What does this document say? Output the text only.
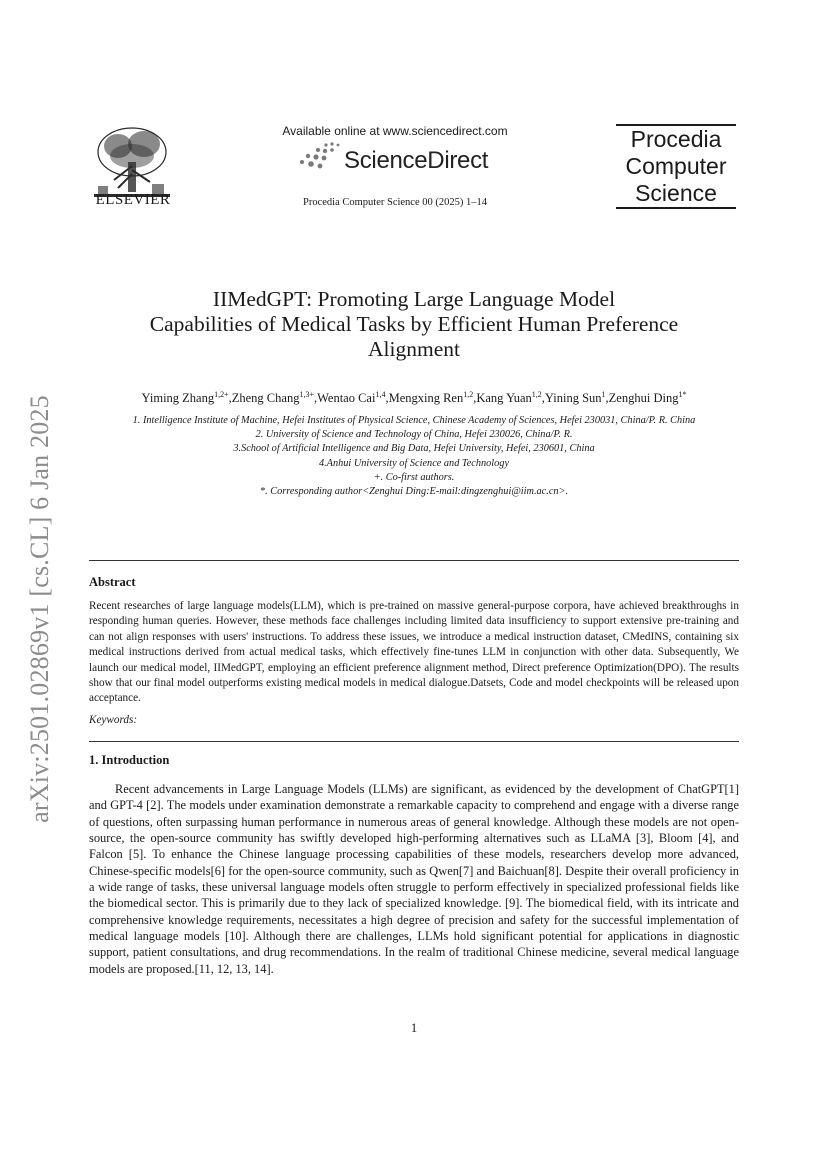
arXiv:2501.02869v1 [cs.CL] 6 Jan 2025
ELSEVIER
Available online at www.sciencedirect.com
ScienceDirect
Procedia Computer Science 00 (2025) 1–14
Procedia
Computer
Science
IIMedGPT: Promoting Large Language Model
Capabilities of Medical Tasks by Efficient Human Preference
Alignment
Yiming Zhang$^{1,2+}$,Zheng Chang$^{1,3+}$,Wentao Cai$^{1,4}$,Mengxing Ren$^{1,2}$,Kang Yuan$^{1,2}$,Yining Sun$^1$,Zenghui Ding$^{1*}$
1. Intelligence Institute of Machine, Hefei Institutes of Physical Science, Chinese Academy of Sciences, Hefei 230031, China/P. R. China
2. University of Science and Technology of China, Hefei 230026, China/P. R.
3.School of Artificial Intelligence and Big Data, Hefei University, Hefei, 230601, China
4.Anhui University of Science and Technology
+. Co-first authors.
*. Corresponding author<Zenghui Ding:E-mail:dingzenghui@iim.ac.cn>.
Abstract
Recent researches of large language models(LLM), which is pre-trained on massive general-purpose corpora, have achieved breakthroughs in responding human queries. However, these methods face challenges including limited data insufficiency to support extensive pre-training and can not align responses with users' instructions. To address these issues, we introduce a medical instruction dataset, CMedINS, containing six medical instructions derived from actual medical tasks, which effectively fine-tunes LLM in conjunction with other data. Subsequently, We launch our medical model, IIMedGPT, employing an efficient preference alignment method, Direct preference Optimization(DPO). The results show that our final model outperforms existing medical models in medical dialogue.Datsets, Code and model checkpoints will be released upon acceptance.
Keywords:
1. Introduction
Recent advancements in Large Language Models (LLMs) are significant, as evidenced by the development of ChatGPT[1] and GPT-4 [2]. The models under examination demonstrate a remarkable capacity to comprehend and engage with a diverse range of questions, often surpassing human performance in numerous areas of general knowledge. Although these models are not open-source, the open-source community has swiftly developed high-performing alternatives such as LLaMA [3], Bloom [4], and Falcon [5]. To enhance the Chinese language processing capabilities of these models, researchers develop more advanced, Chinese-specific models[6] for the open-source community, such as Qwen[7] and Baichuan[8]. Despite their overall proficiency in a wide range of tasks, these universal language models often struggle to perform effectively in specialized professional fields like the biomedical sector. This is primarily due to they lack of specialized knowledge. [9]. The biomedical field, with its intricate and comprehensive knowledge requirements, necessitates a high degree of precision and safety for the successful implementation of medical language models [10]. Although there are challenges, LLMs hold significant potential for applications in diagnostic support, patient consultations, and drug recommendations. In the realm of traditional Chinese medicine, several medical language models are proposed.[11, 12, 13, 14].
1
